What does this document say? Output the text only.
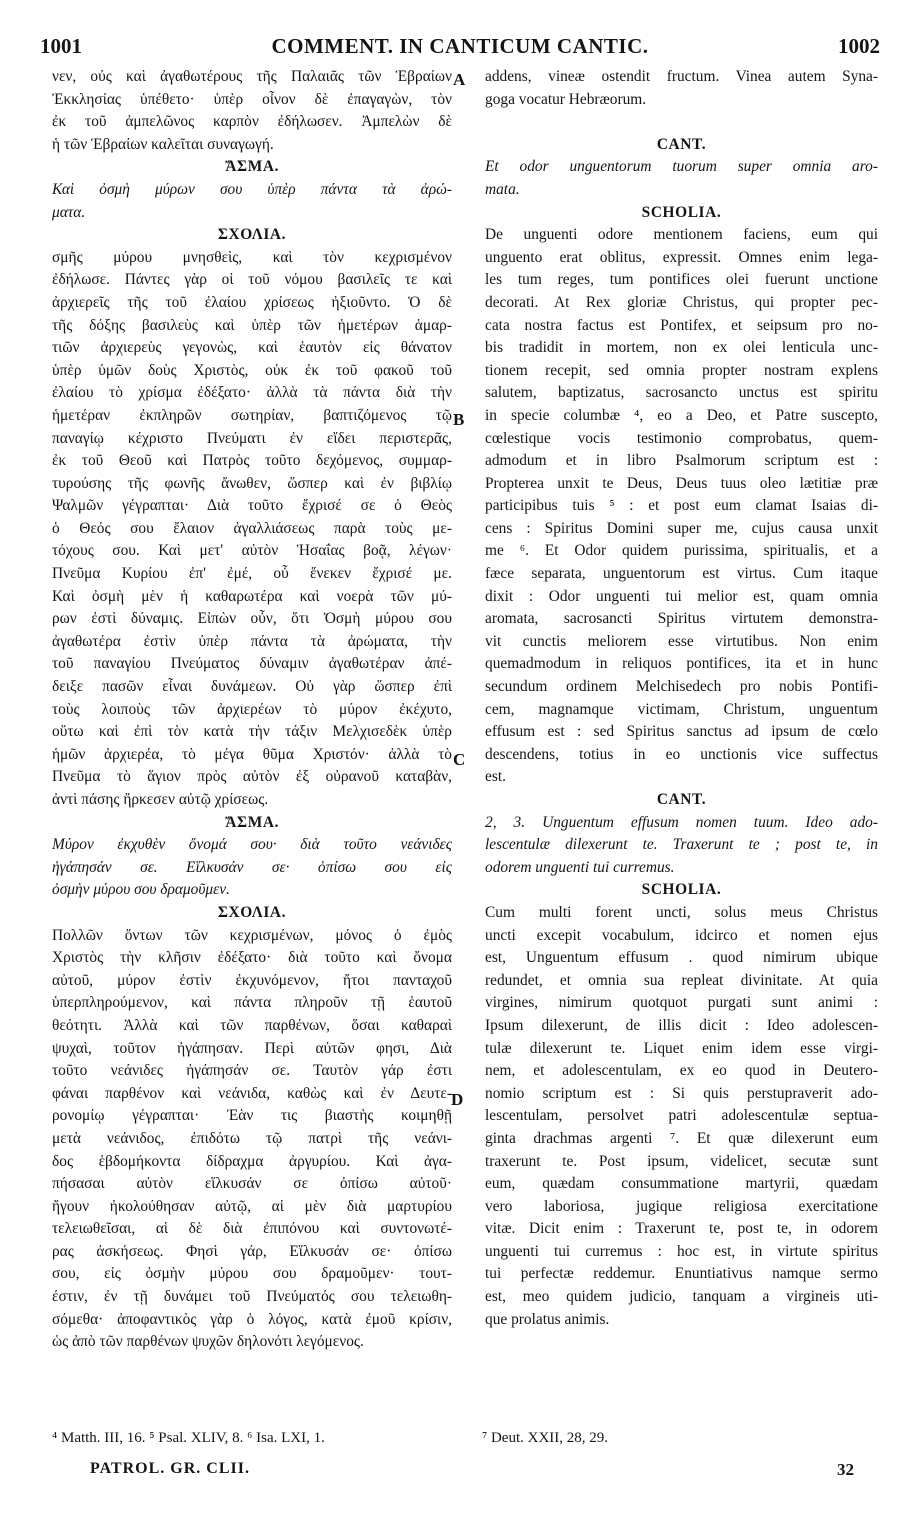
1001	COMMENT. IN CANTICUM CANTIC.	1002
νεν, οὐς καὶ ἀγαθωτέρους τῆς Παλαιᾶς τῶν Ἑβραίων
Ἐκκλησίας ὑπέθετο· ὑπὲρ οἶνον δὲ ἐπαγαγὼν, τὸν
ἐκ τοῦ ἀμπελῶνος καρπὸν ἐδήλωσεν. Ἀμπελὼν δὲ
ἡ τῶν Ἑβραίων καλεῖται συναγωγή.
ἌΣΜΑ.
Καὶ ὀσμὴ μύρων σου ὑπὲρ πάντα τὰ ἀρώ-
ματα.
ΣΧΟΛΙΑ.
σμῆς μύρου μνησθεὶς, καὶ τὸν κεχρισμένον
ἐδήλωσε. Πάντες γὰρ οἱ τοῦ νόμου βασιλεῖς τε καὶ
ἀρχιερεῖς τῆς τοῦ ἐλαίου χρίσεως ἠξιοῦντο. Ὁ δὲ
τῆς δόξης βασιλεὺς καὶ ὑπὲρ τῶν ἡμετέρων ἁμαρ-
τιῶν ἀρχιερεὺς γεγονὼς, καὶ ἑαυτὸν εἰς θάνατον
ὑπὲρ ὑμῶν δοὺς Χριστὸς, οὐκ ἐκ τοῦ φακοῦ τοῦ
ἐλαίου τὸ χρίσμα ἐδέξατο· ἀλλὰ τὰ πάντα διὰ τὴν
ἡμετέραν ἐκπληρῶν σωτηρίαν, βαπτιζόμενος τῷ
παναγίῳ κέχριστο Πνεύματι ἐν εἴδει περιστερᾶς,
ἐκ τοῦ Θεοῦ καὶ Πατρὸς τοῦτο δεχόμενος, συμμαρ-
τυρούσης τῆς φωνῆς ἄνωθεν, ὥσπερ καὶ ἐν βιβλίῳ
Ψαλμῶν γέγραπται· Διὰ τοῦτο ἔχρισέ σε ὁ Θεὸς
ὁ Θεός σου ἔλαιον ἀγαλλιάσεως παρὰ τοὺς με-
τόχους σου. Καὶ μετ' αὐτὸν Ἡσαΐας βοᾷ, λέγων·
Πνεῦμα Κυρίου ἐπ' ἐμέ, οὗ ἕνεκεν ἔχρισέ με.
Καὶ ὀσμὴ μὲν ἡ καθαρωτέρα καὶ νοερὰ τῶν μύ-
ρων ἐστὶ δύναμις. Εἰπὼν οὖν, ὅτι Ὀσμὴ μύρου σου
ἀγαθωτέρα ἐστὶν ὑπὲρ πάντα τὰ ἀρώματα, τὴν
τοῦ παναγίου Πνεύματος δύναμιν ἀγαθωτέραν ἀπέ-
δειξε πασῶν εἶναι δυνάμεων. Οὐ γὰρ ὥσπερ ἐπὶ
τοὺς λοιποὺς τῶν ἀρχιερέων τὸ μύρον ἐκέχυτο,
οὕτω καὶ ἐπὶ τὸν κατὰ τὴν τάξιν Μελχισεδὲκ ὑπὲρ
ἡμῶν ἀρχιερέα, τὸ μέγα θῦμα Χριστόν· ἀλλὰ τὸ
Πνεῦμα τὸ ἅγιον πρὸς αὐτὸν ἐξ οὐρανοῦ καταβὰν,
ἀντὶ πάσης ἤρκεσεν αὐτῷ χρίσεως.
ἌΣΜΑ.
Μύρον ἐκχυθὲν ὄνομά σου· διὰ τοῦτο νεάνιδες
ἠγάπησάν σε. Εἵλκυσάν σε· ὀπίσω σου εἰς
ὀσμὴν μύρου σου δραμοῦμεν.
ΣΧΟΛΙΑ.
Πολλῶν ὄντων τῶν κεχρισμένων, μόνος ὁ ἐμὸς
Χριστὸς τὴν κλῆσιν ἐδέξατο· διὰ τοῦτο καὶ ὄνομα
αὐτοῦ, μύρον ἐστὶν ἐκχυνόμενον, ἤτοι πανταχοῦ
ὑπερπληρούμενον, καὶ πάντα πληροῦν τῇ ἑαυτοῦ
θεότητι. Ἀλλὰ καὶ τῶν παρθένων, ὅσαι καθαραὶ
ψυχαὶ, τοῦτον ἠγάπησαν. Περὶ αὐτῶν φησι, Διὰ
τοῦτο νεάνιδες ἠγάπησάν σε. Ταυτὸν γάρ ἐστι
φάναι παρθένον καὶ νεάνιδα, καθὼς καὶ ἐν Δευτε-
ρονομίῳ γέγραπται· Ἐὰν τις βιαστὴς κοιμηθῇ
μετὰ νεάνιδος, ἐπιδότω τῷ πατρὶ τῆς νεάνι-
δος ἑβδομήκοντα δίδραχμα ἀργυρίου. Καὶ ἀγα-
πήσασαι αὐτὸν εἵλκυσάν σε ὀπίσω αὐτοῦ·
ἤγουν ἠκολούθησαν αὐτῷ, αἱ μὲν διὰ μαρτυρίου
τελειωθεῖσαι, αἱ δὲ διὰ ἐπιπόνου καὶ συντονωτέ-
ρας ἀσκήσεως. Φησὶ γάρ, Εἵλκυσάν σε· ὀπίσω
σου, εἰς ὀσμὴν μύρου σου δραμοῦμεν· τουτ-
έστιν, ἐν τῇ δυνάμει τοῦ Πνεύματός σου τελειωθη-
σόμεθα· ἀποφαντικὸς γὰρ ὁ λόγος, κατὰ ἐμοῦ κρίσιν,
ὡς ἀπὸ τῶν παρθένων ψυχῶν δηλονότι λεγόμενος.
addens, vineæ ostendit fructum. Vinea autem Syna-
goga vocatur Hebræorum.

CANT.
Et odor unguentorum tuorum super omnia aro-
mata.
SCHOLIA.
De unguenti odore mentionem faciens, eum qui
unguento erat oblitus, expressit. Omnes enim lega-
les tum reges, tum pontifices olei fuerunt unctione
decorati. At Rex gloriæ Christus, qui propter pec-
cata nostra factus est Pontifex, et seipsum pro no-
bis tradidit in mortem, non ex olei lenticula unc-
tionem recepit, sed omnia propter nostram explens
salutem, baptizatus, sacrosancto unctus est spiritu
in specie columbæ ⁴, eo a Deo, et Patre suscepto,
cœlestique vocis testimonio comprobatus, quem-
admodum et in libro Psalmorum scriptum est :
Propterea unxit te Deus, Deus tuus oleo lætitiæ præ
participibus tuis ⁵ : et post eum clamat Isaias di-
cens : Spiritus Domini super me, cujus causa unxit
me ⁶. Et Odor quidem purissima, spiritualis, et a
fæce separata, unguentorum est virtus. Cum itaque
dixit : Odor unguenti tui melior est, quam omnia
aromata, sacrosancti Spiritus virtutem demonstra-
vit cunctis meliorem esse virtutibus. Non enim
quemadmodum in reliquos pontifices, ita et in hunc
secundum ordinem Melchisedech pro nobis Pontifi-
cem, magnamque victimam, Christum, unguentum
effusum est : sed Spiritus sanctus ad ipsum de cœlo
descendens, totius in eo unctionis vice suffectus
est.
CANT.
2, 3. Unguentum effusum nomen tuum. Ideo ado-
lescentulæ dilexerunt te. Traxerunt te ; post te, in
odorem unguenti tui curremus.
SCHOLIA.
Cum multi forent uncti, solus meus Christus
uncti excepit vocabulum, idcirco et nomen ejus
est, Unguentum effusum . quod nimirum ubique
redundet, et omnia sua repleat divinitate. At quia
virgines, nimirum quotquot purgati sunt animi :
Ipsum dilexerunt, de illis dicit : Ideo adolescen-
tulæ dilexerunt te. Liquet enim idem esse virgi-
nem, et adolescentulam, ex eo quod in Deutero-
nomio scriptum est : Si quis perstupraverit ado-
lescentulam, persolvet patri adolescentulæ septua-
ginta drachmas argenti ⁷. Et quæ dilexerunt eum
traxerunt te. Post ipsum, videlicet, secutæ sunt
eum, quædam consummatione martyrii, quædam
vero laboriosa, jugique religiosa exercitatione
vitæ. Dicit enim : Traxerunt te, post te, in odorem
unguenti tui curremus : hoc est, in virtute spiritus
tui perfectæ reddemur. Enuntiativus namque sermo
est, meo quidem judicio, tanquam a virgineis uti-
que prolatus animis.
A
B
C
D
⁴ Matth. III, 16. ⁵ Psal. XLIV, 8. ⁶ Isa. LXI, 1.	⁷ Deut. XXII, 28, 29.
PATROL. GR. CLII.	32
